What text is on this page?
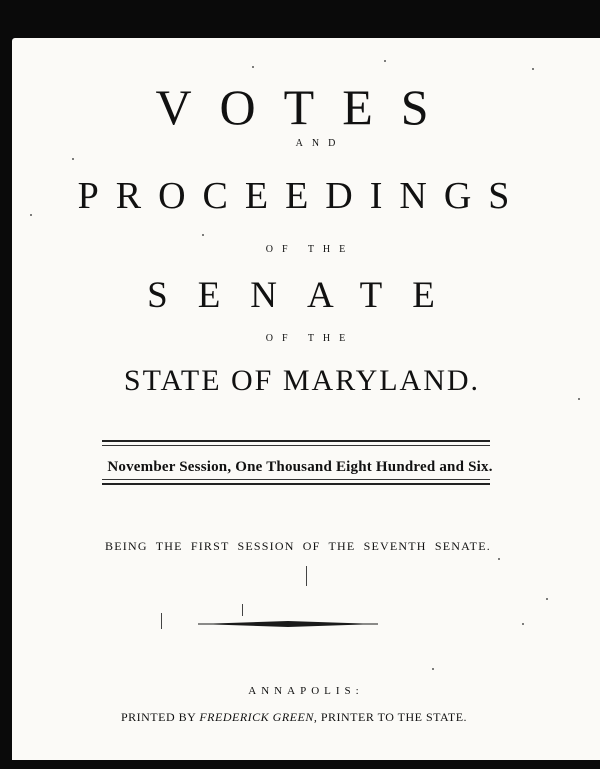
VOTES
AND
PROCEEDINGS
OF THE
SENATE
OF THE
STATE OF MARYLAND.
November Session, One Thousand Eight Hundred and Six.
BEING THE FIRST SESSION OF THE SEVENTH SENATE.
ANNAPOLIS:
PRINTED BY FREDERICK GREEN, PRINTER TO THE STATE.
